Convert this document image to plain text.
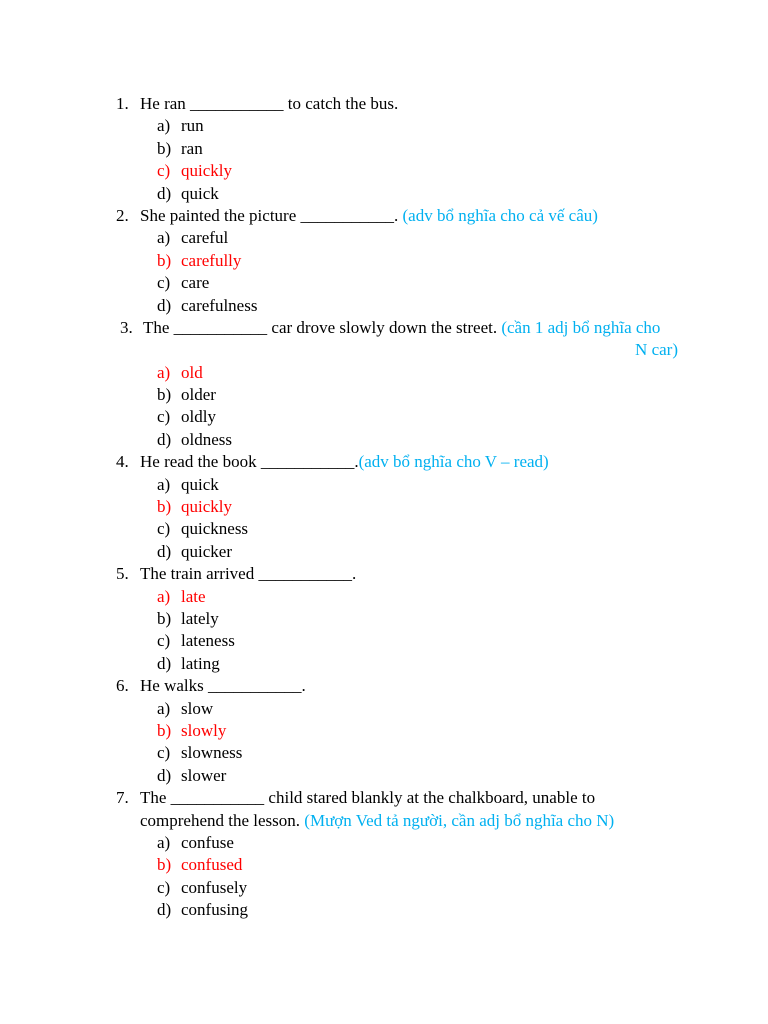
1. He ran ___________ to catch the bus.
a) run
b) ran
c) quickly
d) quick
2. She painted the picture ___________. (adv bổ nghĩa cho cả vế câu)
a) careful
b) carefully
c) care
d) carefulness
3. The ___________ car drove slowly down the street. (cần 1 adj bổ nghĩa cho
N car)
a) old
b) older
c) oldly
d) oldness
4. He read the book ___________.(adv bổ nghĩa cho V – read)
a) quick
b) quickly
c) quickness
d) quicker
5. The train arrived ___________.
a) late
b) lately
c) lateness
d) lating
6. He walks ___________.
a) slow
b) slowly
c) slowness
d) slower
7. The ___________ child stared blankly at the chalkboard, unable to
comprehend the lesson. (Mượn Ved tả người, cần adj bổ nghĩa cho N)
a) confuse
b) confused
c) confusely
d) confusing
